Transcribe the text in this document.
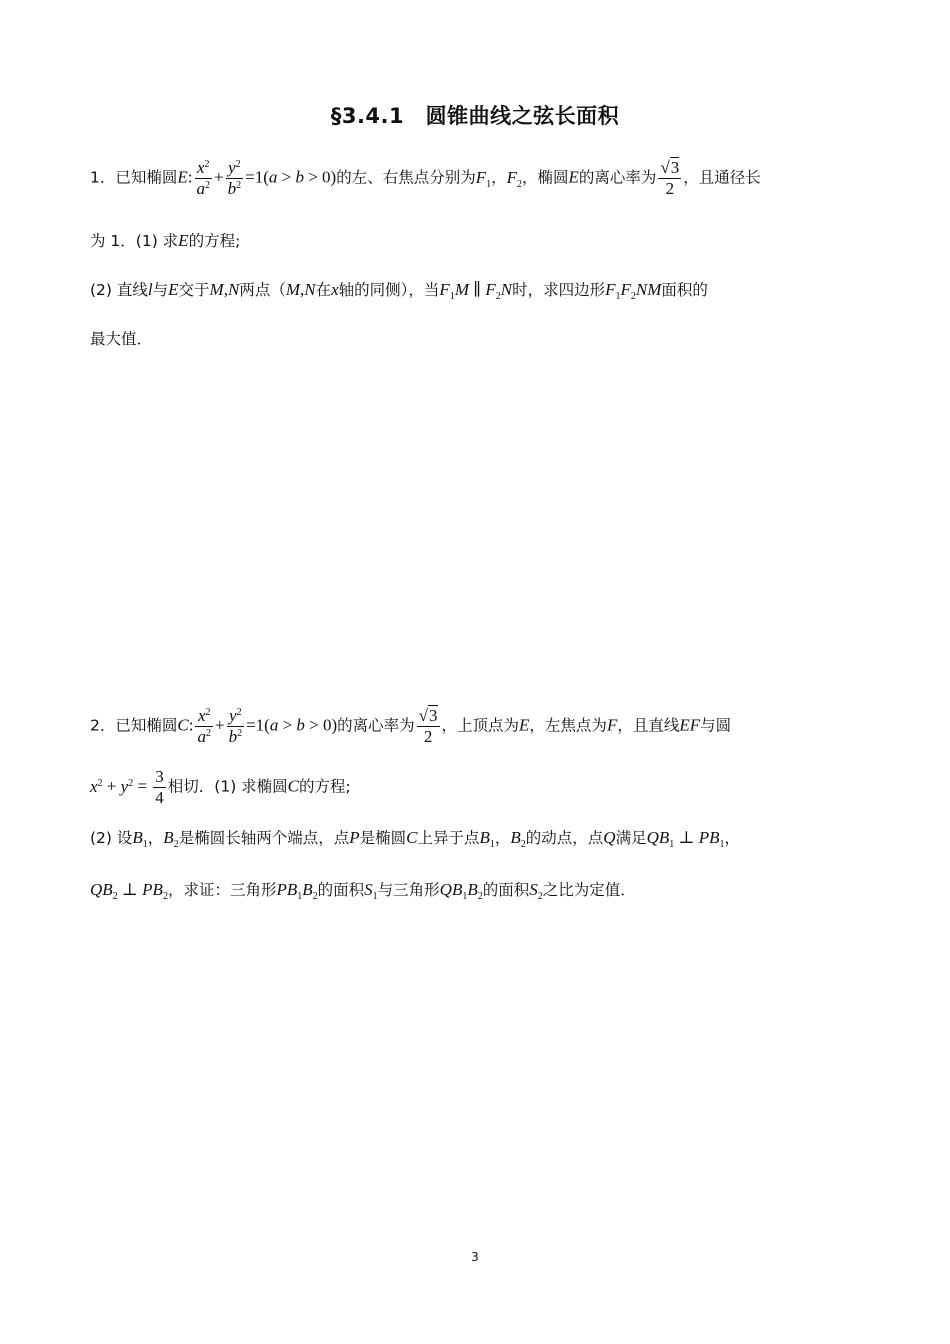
§3.4.1　圆锥曲线之弦长面积
1．已知椭圆E: $\frac{x^2}{a^2} + \frac{y^2}{b^2} =1(a > b > 0)$的左、右焦点分别为$F_1$，$F_2$，椭圆E的离心率为 $\frac{√3}{2}$ ，且通径长
为 1．(1) 求E的方程;
(2) 直线l与E交于M,N两点（M,N在x轴的同侧），当$F_1M$ ∥ $F_2N$时，求四边形$F_1F_2NM$面积的
最大值．
2．已知椭圆C: $\frac{x^2}{a^2} + \frac{y^2}{b^2} =1(a > b > 0)$的离心率为 $\frac{√3}{2}$ ，上顶点为E，左焦点为F，且直线EF与圆
$x^2 + y^2 = \frac{3}{4}$ 相切．(1) 求椭圆C的方程;
(2) 设$B_1$，$B_2$是椭圆长轴两个端点，点P是椭圆C上异于点$B_1$，$B_2$的动点，点Q满足$QB_1$ ⊥ $PB_1$，
$QB_2$ ⊥ $PB_2$，求证：三角形$PB_1B_2$的面积$S_1$与三角形$QB_1B_2$的面积$S_2$之比为定值．
3
